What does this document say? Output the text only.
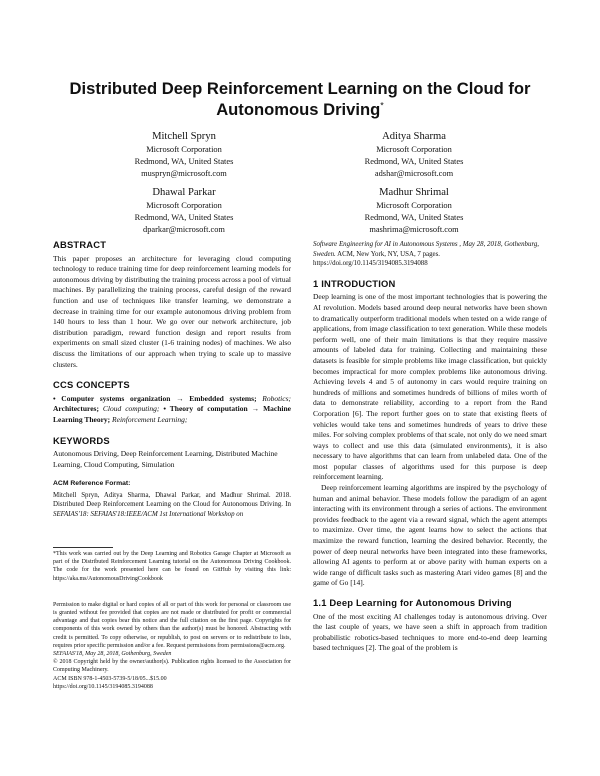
Distributed Deep Reinforcement Learning on the Cloud for Autonomous Driving*
Mitchell Spryn
Microsoft Corporation
Redmond, WA, United States
muspryn@microsoft.com
Aditya Sharma
Microsoft Corporation
Redmond, WA, United States
adshar@microsoft.com
Dhawal Parkar
Microsoft Corporation
Redmond, WA, United States
dparkar@microsoft.com
Madhur Shrimal
Microsoft Corporation
Redmond, WA, United States
mashrima@microsoft.com

ABSTRACT

This paper proposes an architecture for leveraging cloud computing technology to reduce training time for deep reinforcement learning models for autonomous driving by distributing the training process across a pool of virtual machines. By parallelizing the training process, careful design of the reward function and use of techniques like transfer learning, we demonstrate a decrease in training time for our example autonomous driving problem from 140 hours to less than 1 hour. We go over our network architecture, job distribution paradigm, reward function design and report results from experiments on small sized cluster (1-6 training nodes) of machines. We also discuss the limitations of our approach when trying to scale up to massive clusters.

CCS CONCEPTS

• Computer systems organization → Embedded systems; Robotics; Architectures; Cloud computing; • Theory of computation → Machine Learning Theory; Reinforcement Learning;

KEYWORDS

Autonomous Driving, Deep Reinforcement Learning, Distributed Machine Learning, Cloud Computing, Simulation

ACM Reference Format:

Mitchell Spryn, Aditya Sharma, Dhawal Parkar, and Madhur Shrimal. 2018. Distributed Deep Reinforcement Learning on the Cloud for Autonomous Driving. In SEFAIAS'18: SEFAIAS'18:IEEE/ACM 1st International Workshop on

*This work was carried out by the Deep Learning and Robotics Garage Chapter at Microsoft as part of the Distributed Reinforcement Learning tutorial on the Autonomous Driving Cookbook. The code for the work presented here can be found on GitHub by visiting this link: https://aka.ms/AutonomousDrivingCookbook

Permission to make digital or hard copies of all or part of this work for personal or classroom use is granted without fee provided that copies are not made or distributed for profit or commercial advantage and that copies bear this notice and the full citation on the first page. Copyrights for components of this work owned by others than the author(s) must be honored. Abstracting with credit is permitted. To copy otherwise, or republish, to post on servers or to redistribute to lists, requires prior specific permission and/or a fee. Request permissions from permissions@acm.org.

SEFAIAS'18, May 28, 2018, Gothenburg, Sweden

© 2018 Copyright held by the owner/author(s). Publication rights licensed to the Association for Computing Machinery.

ACM ISBN 978-1-4503-5739-5/18/05...$15.00

https://doi.org/10.1145/3194085.3194088

Software Engineering for AI in Autonomous Systems , May 28, 2018, Gothenburg, Sweden. ACM, New York, NY, USA, 7 pages. https://doi.org/10.1145/3194085.3194088

1 INTRODUCTION

Deep learning is one of the most important technologies that is powering the AI revolution. Models based around deep neural networks have been shown to dramatically outperform traditional models when tested on a wide range of applications, from image classification to text generation. While these models perform well, one of their main limitations is that they require massive amounts of labeled data for training. Collecting and maintaining these datasets is feasible for simple problems like image classification, but quickly becomes impractical for more complex problems like autonomous driving. Achieving levels 4 and 5 of autonomy in cars would require training on hundreds of millions and sometimes hundreds of billions of miles worth of data to demonstrate reliability, according to a report from the Rand Corporation [6]. The report further goes on to state that existing fleets of vehicles would take tens and sometimes hundreds of years to drive these miles. For solving complex problems of that scale, not only do we need smart ways to collect and use this data (simulated environments), it is also necessary to have algorithms that can learn from unlabeled data. One of the most popular classes of algorithms used for this purpose is deep reinforcement learning.

Deep reinforcement learning algorithms are inspired by the psychology of human and animal behavior. These models follow the paradigm of an agent interacting with its environment through a series of actions. The environment provides feedback to the agent via a reward signal, which the agent attempts to maximize. Over time, the agent learns how to select the actions that maximize the reward function, learning the desired behavior. Recently, the power of deep neural networks have been integrated into these frameworks, allowing AI agents to perform at or above parity with human experts on a wide range of difficult tasks such as mastering Atari video games [8] and the game of Go [14].

1.1 Deep Learning for Autonomous Driving

One of the most exciting AI challenges today is autonomous driving. Over the last couple of years, we have seen a shift in approach from tradition probabilistic robotics-based techniques to more end-to-end deep learning based techniques [2]. The goal of the problem is
